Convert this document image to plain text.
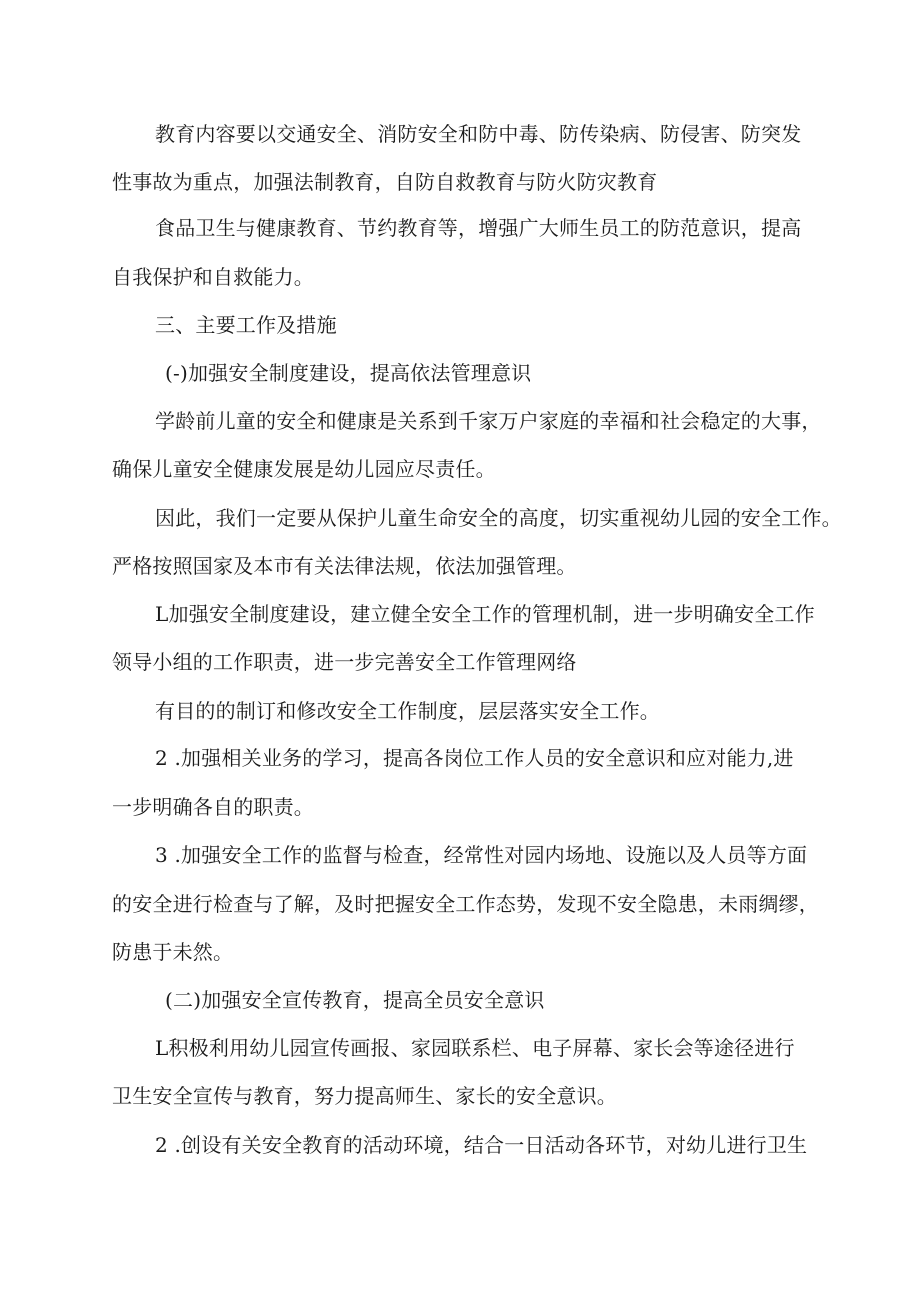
教育内容要以交通安全、消防安全和防中毒、防传染病、防侵害、防突发
性事故为重点，加强法制教育，自防自救教育与防火防灾教育
食品卫生与健康教育、节约教育等，增强广大师生员工的防范意识，提高
自我保护和自救能力。
三、主要工作及措施
(-)加强安全制度建设，提高依法管理意识
学龄前儿童的安全和健康是关系到千家万户家庭的幸福和社会稳定的大事，
确保儿童安全健康发展是幼儿园应尽责任。
因此，我们一定要从保护儿童生命安全的高度，切实重视幼儿园的安全工作。
严格按照国家及本市有关法律法规，依法加强管理。
L加强安全制度建设，建立健全安全工作的管理机制，进一步明确安全工作
领导小组的工作职责，进一步完善安全工作管理网络
有目的的制订和修改安全工作制度，层层落实安全工作。
2 .加强相关业务的学习，提高各岗位工作人员的安全意识和应对能力,进
一步明确各自的职责。
3 .加强安全工作的监督与检查，经常性对园内场地、设施以及人员等方面
的安全进行检查与了解，及时把握安全工作态势，发现不安全隐患，未雨绸缪，
防患于未然。
(二)加强安全宣传教育，提高全员安全意识
L积极利用幼儿园宣传画报、家园联系栏、电子屏幕、家长会等途径进行
卫生安全宣传与教育，努力提高师生、家长的安全意识。
2 .创设有关安全教育的活动环境，结合一日活动各环节，对幼儿进行卫生
